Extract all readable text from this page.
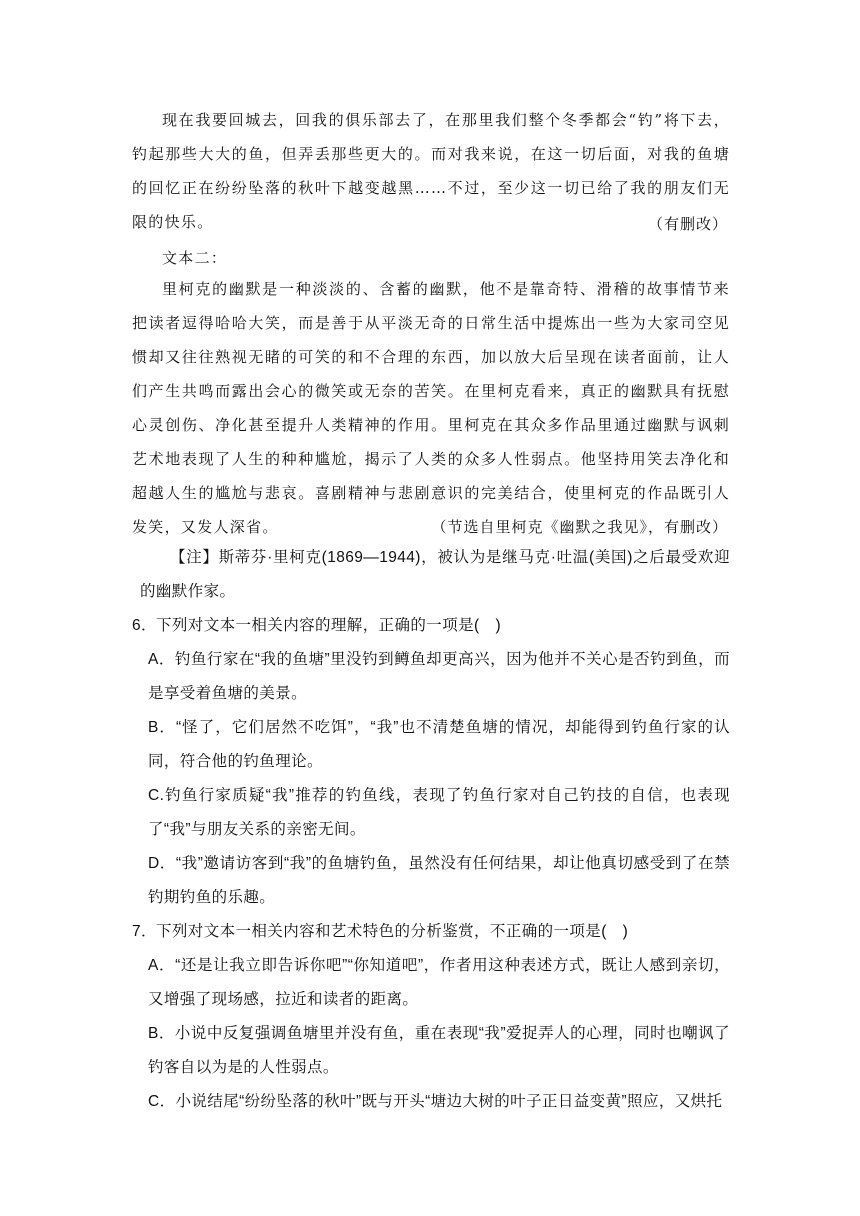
现在我要回城去，回我的俱乐部去了，在那里我们整个冬季都会“钓”将下去，钓起那些大大的鱼，但弄丢那些更大的。而对我来说，在这一切后面，对我的鱼塘的回忆正在纷纷坠落的秋叶下越变越黑……不过，至少这一切已给了我的朋友们无限的快乐。	（有删改）

文本二：

里柯克的幽默是一种淡淡的、含蓄的幽默，他不是靠奇特、滑稽的故事情节来把读者逗得哈哈大笑，而是善于从平淡无奇的日常生活中提炼出一些为大家司空见惯却又往往熟视无睹的可笑的和不合理的东西，加以放大后呈现在读者面前，让人们产生共鸣而露出会心的微笑或无奈的苦笑。在里柯克看来，真正的幽默具有抚慰心灵创伤、净化甚至提升人类精神的作用。里柯克在其众多作品里通过幽默与讽刺艺术地表现了人生的种种尴尬，揭示了人类的众多人性弱点。他坚持用笑去净化和超越人生的尴尬与悲哀。喜剧精神与悲剧意识的完美结合，使里柯克的作品既引人发笑，又发人深省。	（节选自里柯克《幽默之我见》，有删改）

【注】斯蒂芬·里柯克(1869—1944)，被认为是继马克·吐温(美国)之后最受欢迎的幽默作家。

6．下列对文本一相关内容的理解，正确的一项是(　)

A．钓鱼行家在“我的鱼塘”里没钓到鳟鱼却更高兴，因为他并不关心是否钓到鱼，而是享受着鱼塘的美景。

B．“怪了，它们居然不吃饵”，“我”也不清楚鱼塘的情况，却能得到钓鱼行家的认同，符合他的钓鱼理论。

C.钓鱼行家质疑“我”推荐的钓鱼线，表现了钓鱼行家对自己钓技的自信，也表现了“我”与朋友关系的亲密无间。

D．“我”邀请访客到“我”的鱼塘钓鱼，虽然没有任何结果，却让他真切感受到了在禁钓期钓鱼的乐趣。

7．下列对文本一相关内容和艺术特色的分析鉴赏，不正确的一项是(　)

A．“还是让我立即告诉你吧”“你知道吧”，作者用这种表述方式，既让人感到亲切，又增强了现场感，拉近和读者的距离。

B．小说中反复强调鱼塘里并没有鱼，重在表现“我”爱捉弄人的心理，同时也嘲讽了钓客自以为是的人性弱点。

C．小说结尾“纷纷坠落的秋叶”既与开头“塘边大树的叶子正日益变黄”照应，又烘托
